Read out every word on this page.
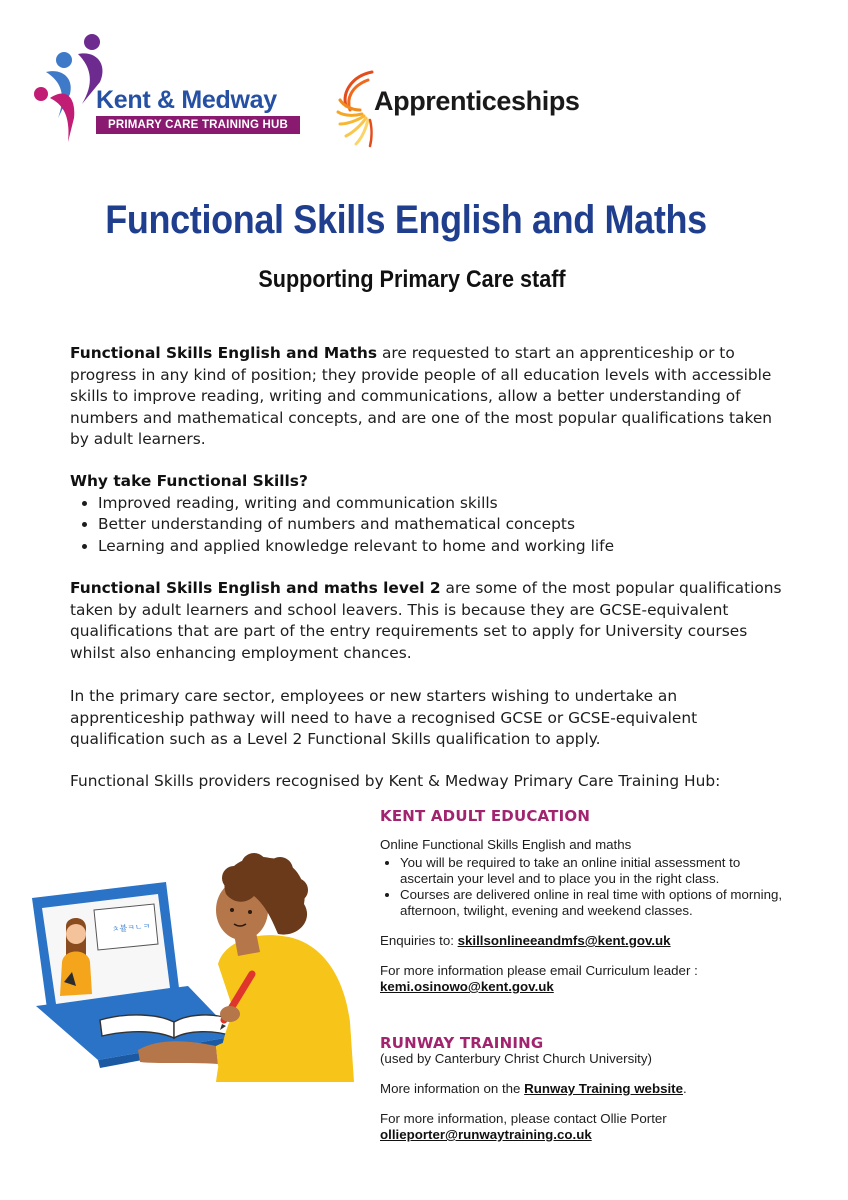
Kent & Medway
PRIMARY CARE TRAINING HUB
Apprenticeships
Functional Skills English and Maths
Supporting Primary Care staff
Functional Skills English and Maths are requested to start an apprenticeship or to progress in any kind of position; they provide people of all education levels with accessible skills to improve reading, writing and communications, allow a better understanding of numbers and mathematical concepts, and are one of the most popular qualifications taken by adult learners.
Why take Functional Skills?
• Improved reading, writing and communication skills
• Better understanding of numbers and mathematical concepts
• Learning and applied knowledge relevant to home and working life
Functional Skills English and maths level 2 are some of the most popular qualifications taken by adult learners and school leavers. This is because they are GCSE-equivalent qualifications that are part of the entry requirements set to apply for University courses whilst also enhancing employment chances.
In the primary care sector, employees or new starters wishing to undertake an apprenticeship pathway will need to have a recognised GCSE or GCSE-equivalent qualification such as a Level 2 Functional Skills qualification to apply.
Functional Skills providers recognised by Kent & Medway Primary Care Training Hub:
KENT ADULT EDUCATION
Online Functional Skills English and maths
• You will be required to take an online initial assessment to ascertain your level and to place you in the right class.
• Courses are delivered online in real time with options of morning, afternoon, twilight, evening and weekend classes.
Enquiries to: skillsonlineeandmfs@kent.gov.uk
For more information please email Curriculum leader :
kemi.osinowo@kent.gov.uk
RUNWAY TRAINING
(used by Canterbury Christ Church University)
More information on the Runway Training website.
For more information, please contact Ollie Porter
ollieporter@runwaytraining.co.uk
ㅊ뷸ㅋㄴㅋ
